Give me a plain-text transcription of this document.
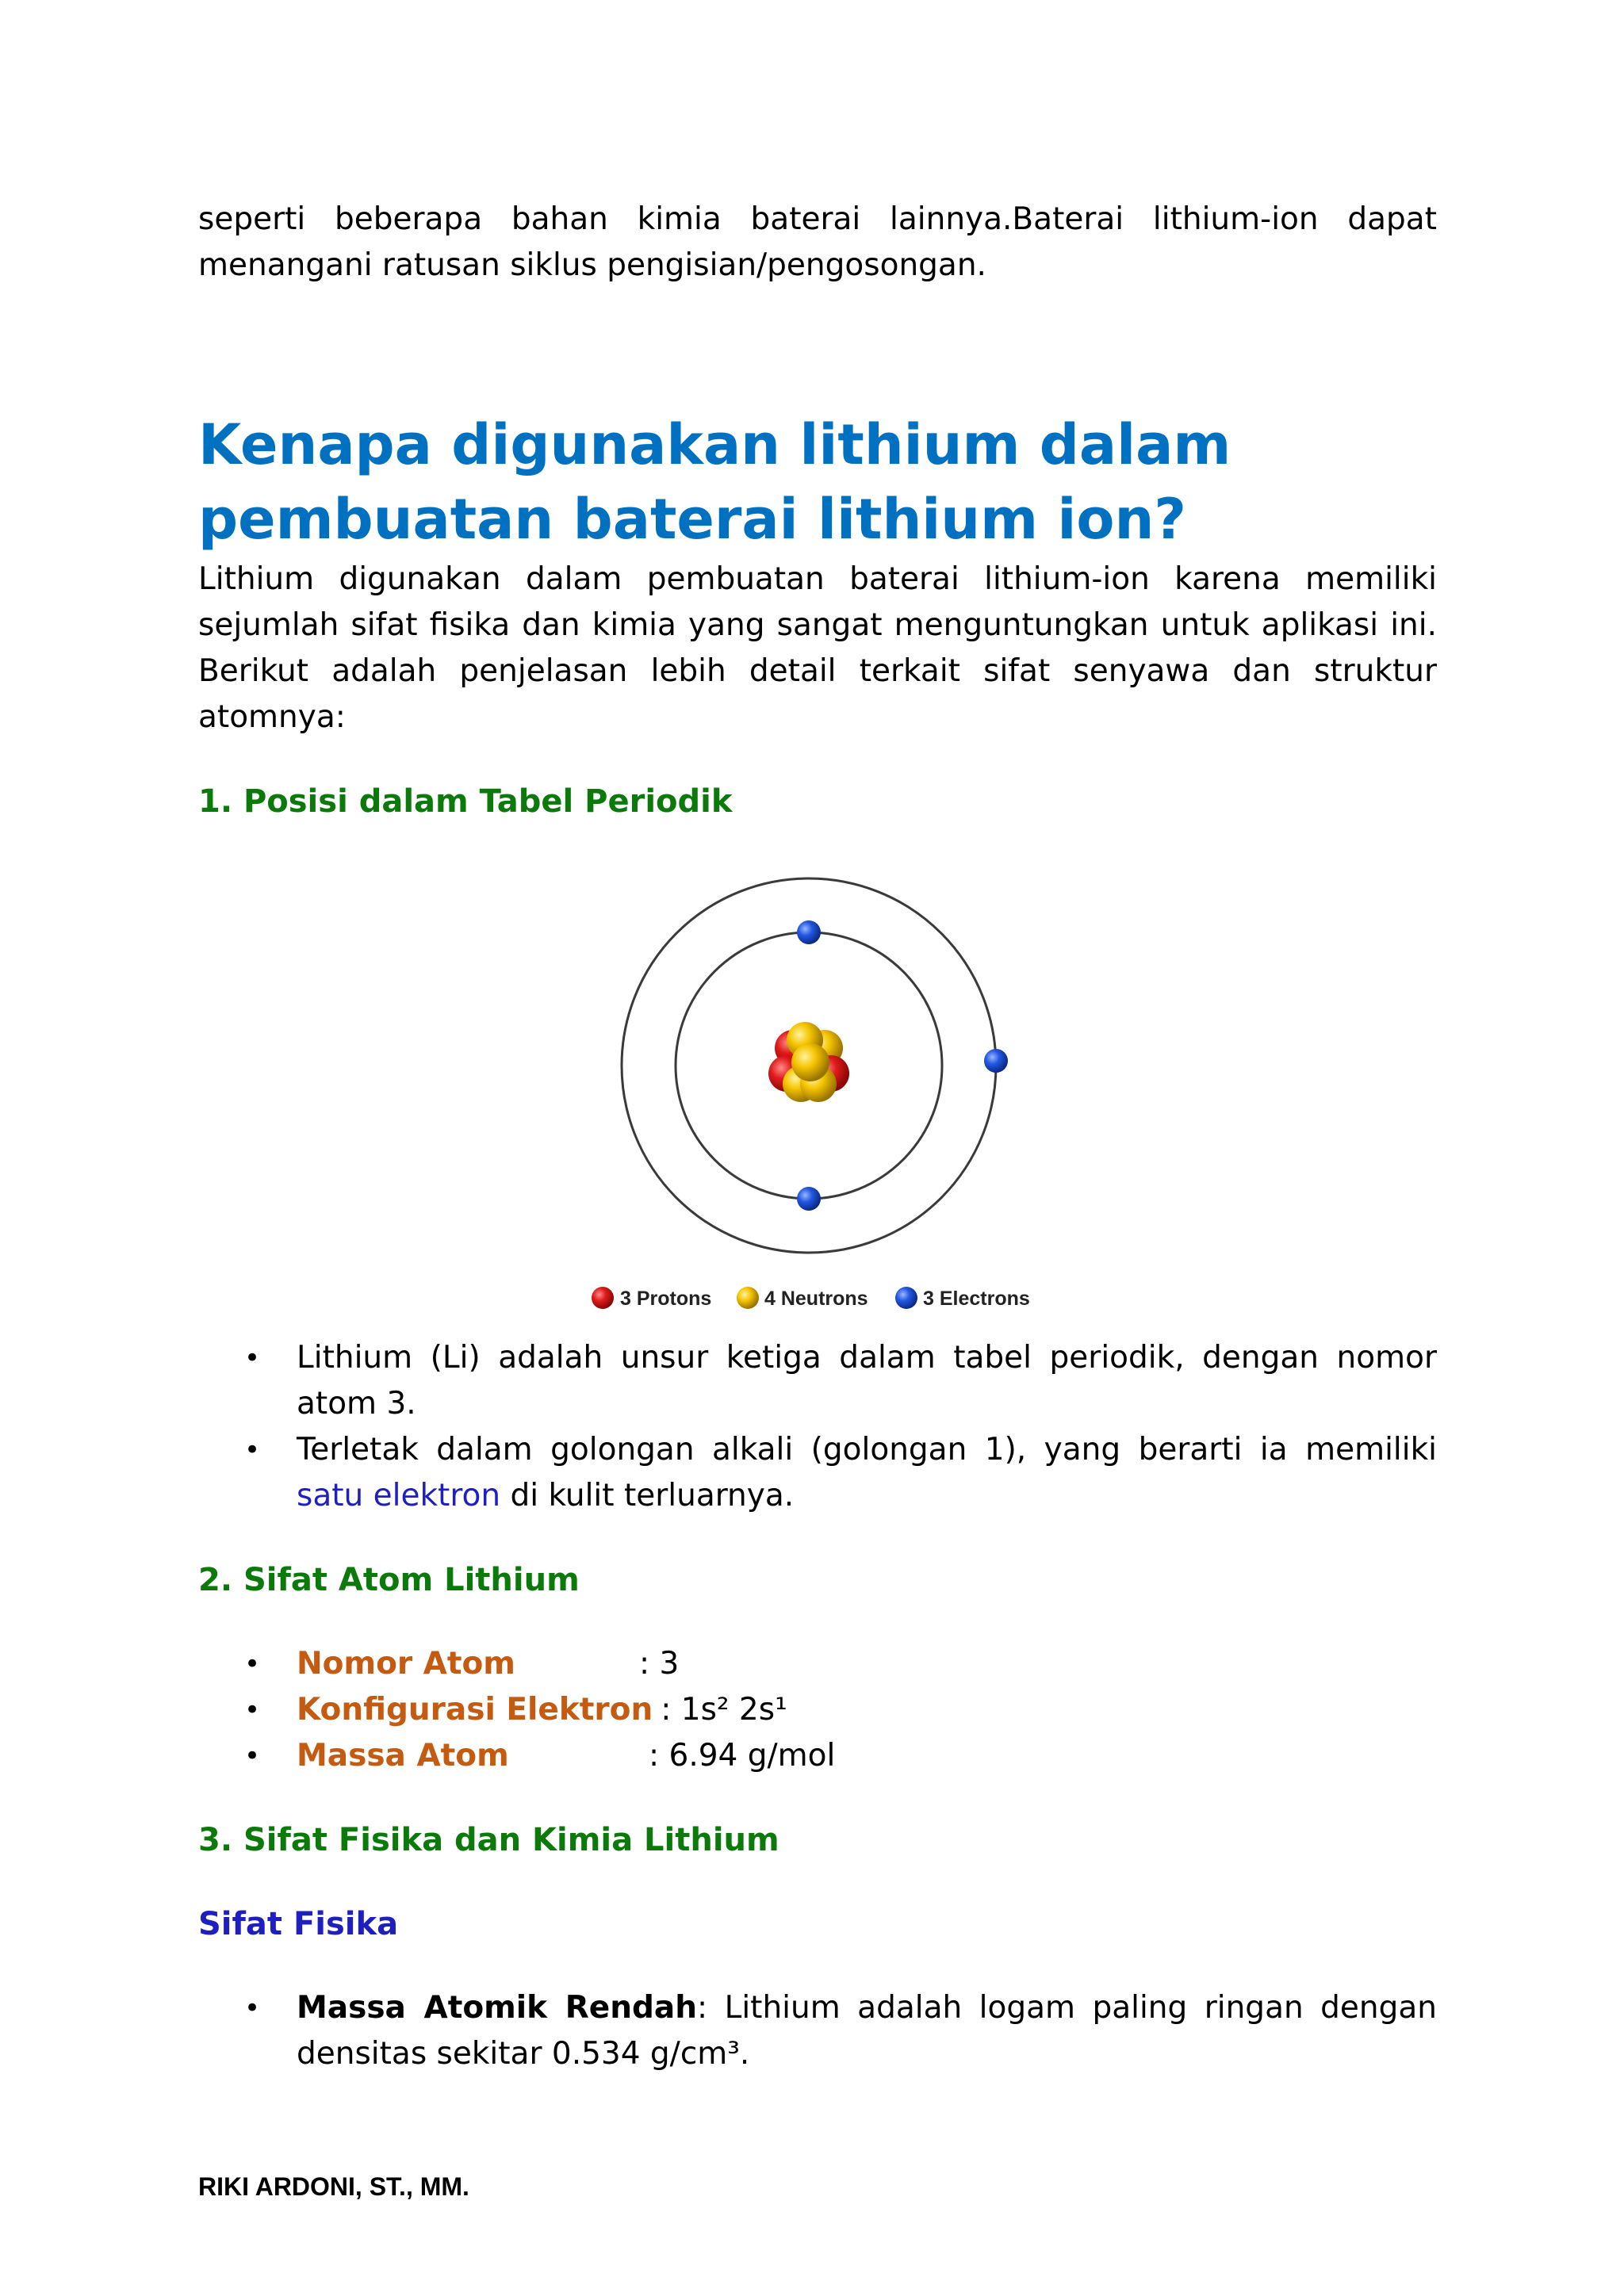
seperti beberapa bahan kimia baterai lainnya.Baterai lithium-ion dapat menangani ratusan siklus pengisian/pengosongan.

Kenapa digunakan lithium dalam pembuatan baterai lithium ion?

Lithium digunakan dalam pembuatan baterai lithium-ion karena memiliki sejumlah sifat fisika dan kimia yang sangat menguntungkan untuk aplikasi ini. Berikut adalah penjelasan lebih detail terkait sifat senyawa dan struktur atomnya:

1. Posisi dalam Tabel Periodik
3 Protons	4 Neutrons	3 Electrons
• Lithium (Li) adalah unsur ketiga dalam tabel periodik, dengan nomor atom 3.
• Terletak dalam golongan alkali (golongan 1), yang berarti ia memiliki satu elektron di kulit terluarnya.
2. Sifat Atom Lithium
• Nomor Atom	: 3
• Konfigurasi Elektron : 1s² 2s¹
• Massa Atom	: 6.94 g/mol
3. Sifat Fisika dan Kimia Lithium
Sifat Fisika
• Massa Atomik Rendah: Lithium adalah logam paling ringan dengan densitas sekitar 0.534 g/cm³.
RIKI ARDONI, ST., MM.
